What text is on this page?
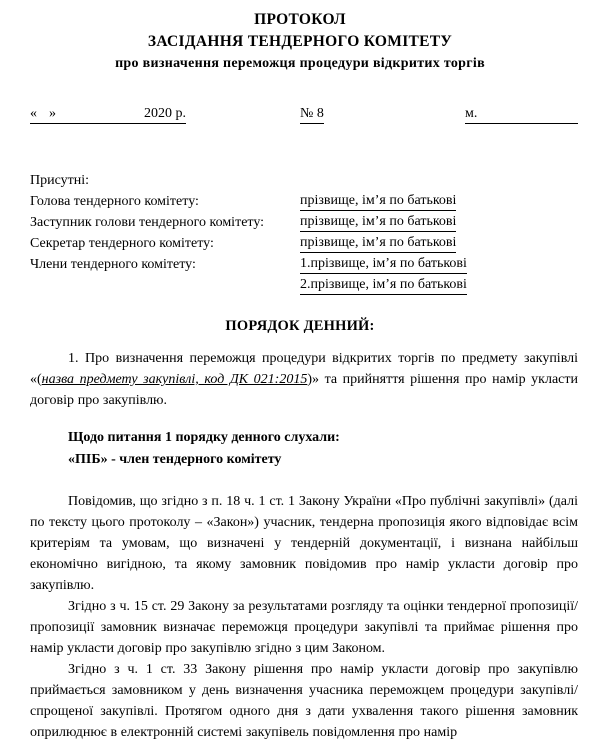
ПРОТОКОЛ
ЗАСІДАННЯ ТЕНДЕРНОГО КОМІТЕТУ
про визначення переможця процедури відкритих торгів
« »	2020 р.	№ 8	м.
Присутні:
Голова тендерного комітету:	прізвище, ім’я по батькові
Заступник голови тендерного комітету:	прізвище, ім’я по батькові
Секретар тендерного комітету:	прізвище, ім’я по батькові
Члени тендерного комітету:	1.прізвище, ім’я по батькові
2.прізвище, ім’я по батькові
ПОРЯДОК ДЕННИЙ:

1. Про визначення переможця процедури відкритих торгів по предмету закупівлі «(назва предмету закупівлі, код ДК 021:2015)» та прийняття рішення про намір укласти договір про закупівлю.

Щодо питання 1 порядку денного слухали:
«ПІБ» - член тендерного комітету

Повідомив, що згідно з п. 18 ч. 1 ст. 1 Закону України «Про публічні закупівлі» (далі по тексту цього протоколу – «Закон») учасник, тендерна пропозиція якого відповідає всім критеріям та умовам, що визначені у тендерній документації, і визнана найбільш економічно вигідною, та якому замовник повідомив про намір укласти договір про закупівлю.

Згідно з ч. 15 ст. 29 Закону за результатами розгляду та оцінки тендерної пропозиції/пропозиції замовник визначає переможця процедури закупівлі та приймає рішення про намір укласти договір про закупівлю згідно з цим Законом.

Згідно з ч. 1 ст. 33 Закону рішення про намір укласти договір про закупівлю приймається замовником у день визначення учасника переможцем процедури закупівлі/спрощеної закупівлі. Протягом одного дня з дати ухвалення такого рішення замовник оприлюднює в електронній системі закупівель повідомлення про намір
